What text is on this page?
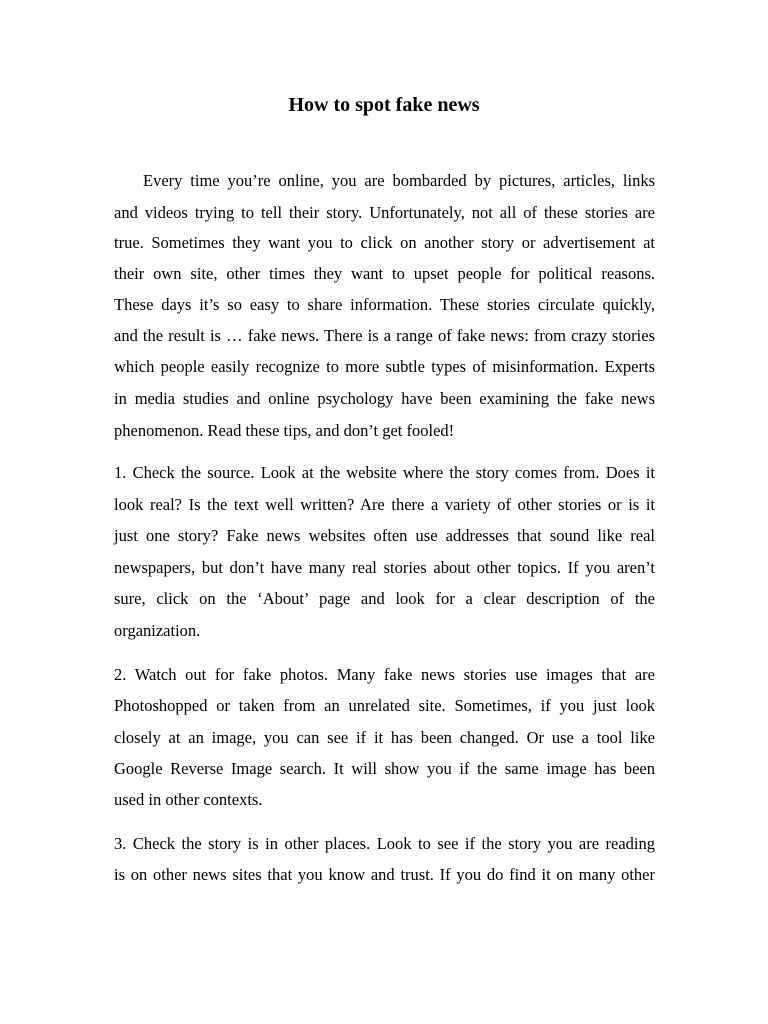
How to spot fake news

Every time you’re online, you are bombarded by pictures, articles, links

and videos trying to tell their story. Unfortunately, not all of these stories are

true. Sometimes they want you to click on another story or advertisement at

their own site, other times they want to upset people for political reasons.

These days it’s so easy to share information. These stories circulate quickly,

and the result is … fake news. There is a range of fake news: from crazy stories

which people easily recognize to more subtle types of misinformation. Experts

in media studies and online psychology have been examining the fake news

phenomenon. Read these tips, and don’t get fooled!

1. Check the source. Look at the website where the story comes from. Does it

look real? Is the text well written? Are there a variety of other stories or is it

just one story? Fake news websites often use addresses that sound like real

newspapers, but don’t have many real stories about other topics. If you aren’t

sure, click on the ‘About’ page and look for a clear description of the

organization.

2. Watch out for fake photos. Many fake news stories use images that are

Photoshopped or taken from an unrelated site. Sometimes, if you just look

closely at an image, you can see if it has been changed. Or use a tool like

Google Reverse Image search. It will show you if the same image has been

used in other contexts.

3. Check the story is in other places. Look to see if the story you are reading

is on other news sites that you know and trust. If you do find it on many other
